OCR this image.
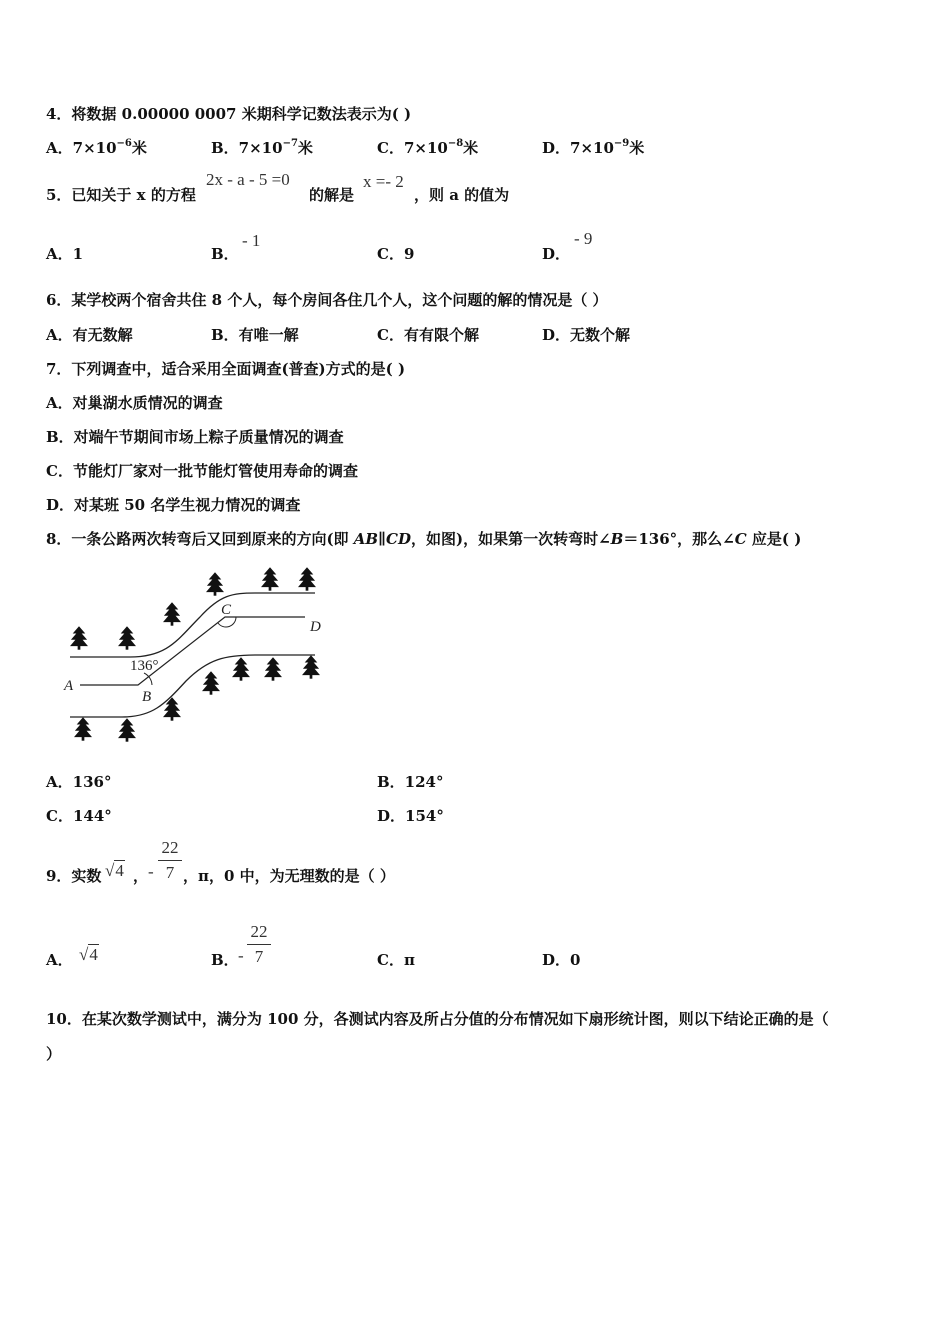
4．将数据 0.00000 0007 米期科学记数法表示为( )
A．$7\times 10^{-6}$米	B．$7\times 10^{-7}$米	C．$7\times 10^{-8}$米	D．$7\times 10^{-9}$米
5．已知关于 x 的方程
2x - a - 5 =0
的解是
x =- 2
，则 a 的值为
A．1	B．
- 1
C．9	D．
- 9
6．某学校两个宿舍共住 8 个人，每个房间各住几个人，这个问题的解的情况是（ ）
A．有无数解	B．有唯一解	C．有有限个解	D．无数个解
7．下列调查中，适合采用全面调查(普查)方式的是( )
A．对巢湖水质情况的调查
B．对端午节期间市场上粽子质量情况的调查
C．节能灯厂家对一批节能灯管使用寿命的调查
D．对某班 50 名学生视力情况的调查
8．一条公路两次转弯后又回到原来的方向(即 AB∥CD，如图)，如果第一次转弯时∠B＝136°，那么∠C 应是( )
A
B
C
D
136°
A．136°	B．124°
C．144°	D．154°
9．实数 √4 ， -
22
7 ，π，0 中，为无理数的是（ ）
A． √4	B． -
22
7	C．π	D．0
10．在某次数学测试中，满分为 100 分，各测试内容及所占分值的分布情况如下扇形统计图，则以下结论正确的是（
）
